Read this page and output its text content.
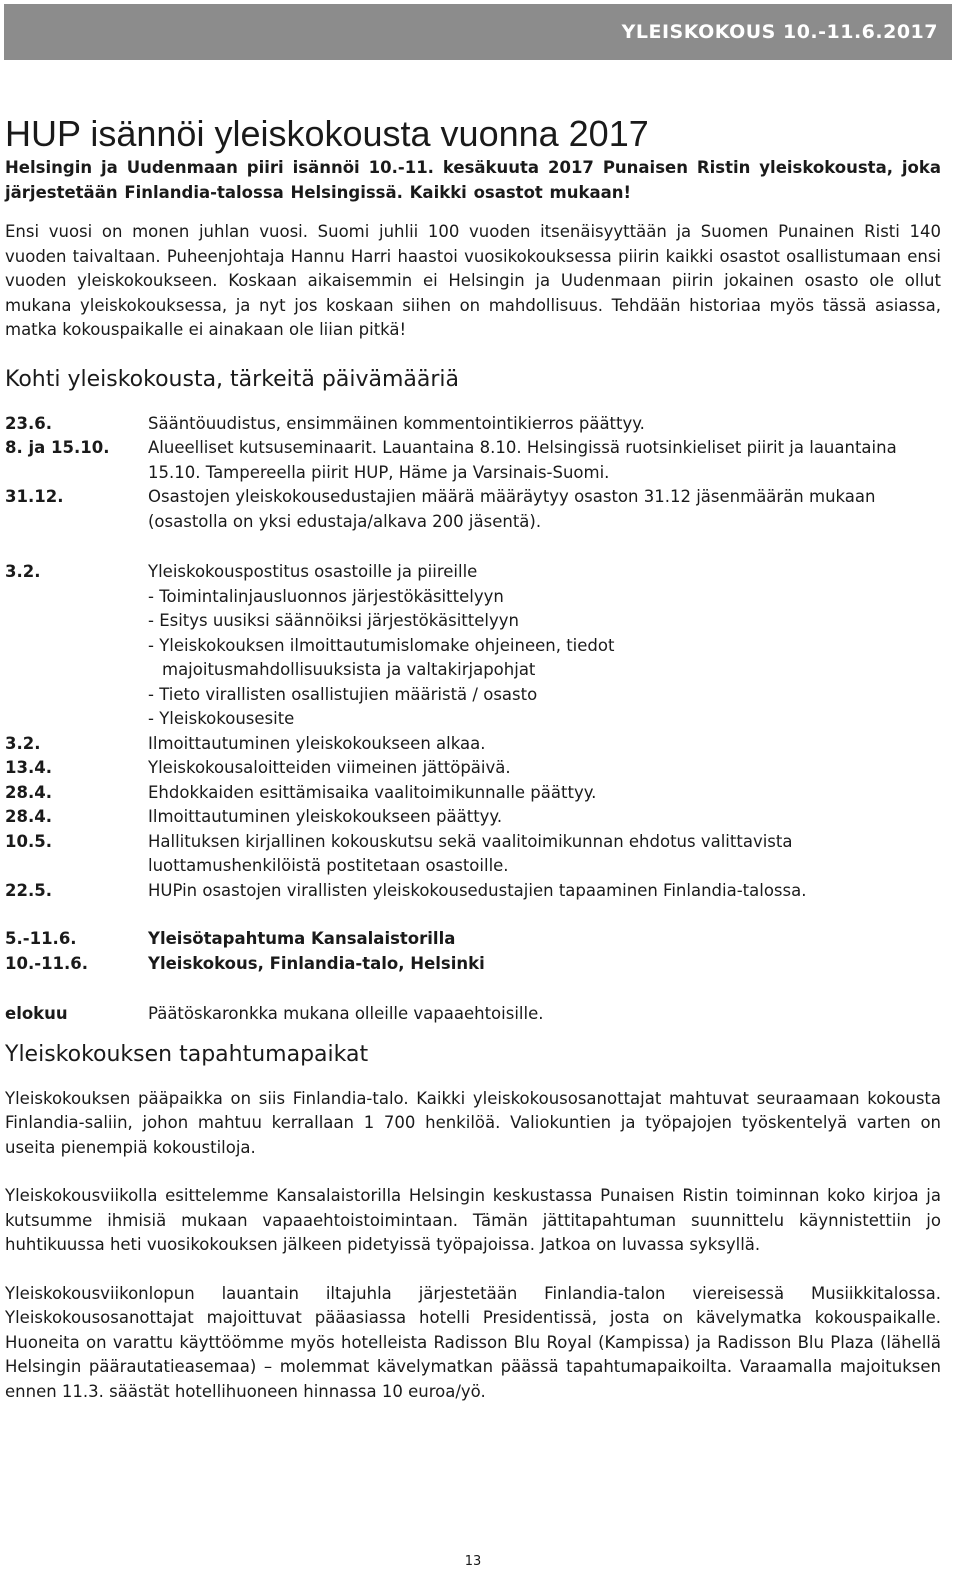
YLEISKOKOUS 10.-11.6.2017
HUP isännöi yleiskokousta vuonna 2017

Helsingin ja Uudenmaan piiri isännöi 10.-11. kesäkuuta 2017 Punaisen Ristin yleiskokousta, joka järjestetään Finlandia-talossa Helsingissä. Kaikki osastot mukaan!

Ensi vuosi on monen juhlan vuosi. Suomi juhlii 100 vuoden itsenäisyyttään ja Suomen Punainen Risti 140 vuoden taivaltaan. Puheenjohtaja Hannu Harri haastoi vuosikokouksessa piirin kaikki osastot osallistumaan ensi vuoden yleiskokoukseen. Koskaan aikaisemmin ei Helsingin ja Uudenmaan piirin jokainen osasto ole ollut mukana yleiskokouksessa, ja nyt jos koskaan siihen on mahdollisuus. Tehdään historiaa myös tässä asiassa, matka kokouspaikalle ei ainakaan ole liian pitkä!

Kohti yleiskokousta, tärkeitä päivämääriä
23.6.	Sääntöuudistus, ensimmäinen kommentointikierros päättyy.
8. ja 15.10.	Alueelliset kutsuseminaarit. Lauantaina 8.10. Helsingissä ruotsinkieliset piirit ja lauantaina 15.10. Tampereella piirit HUP, Häme ja Varsinais-Suomi.
31.12.	Osastojen yleiskokousedustajien määrä määräytyy osaston 31.12 jäsenmäärän mukaan (osastolla on yksi edustaja/alkava 200 jäsentä).
3.2.	Yleiskokouspostitus osastoille ja piireille
- Toimintalinjausluonnos järjestökäsittelyyn
- Esitys uusiksi säännöiksi järjestökäsittelyyn
- Yleiskokouksen ilmoittautumislomake ohjeineen, tiedot
majoitusmahdollisuuksista ja valtakirjapohjat
- Tieto virallisten osallistujien määristä / osasto
- Yleiskokousesite
3.2.	Ilmoittautuminen yleiskokoukseen alkaa.
13.4.	Yleiskokousaloitteiden viimeinen jättöpäivä.
28.4.	Ehdokkaiden esittämisaika vaalitoimikunnalle päättyy.
28.4.	Ilmoittautuminen yleiskokoukseen päättyy.
10.5.	Hallituksen kirjallinen kokouskutsu sekä vaalitoimikunnan ehdotus valittavista luottamushenkilöistä postitetaan osastoille.
22.5.	HUPin osastojen virallisten yleiskokousedustajien tapaaminen Finlandia-talossa.
5.-11.6.	Yleisötapahtuma Kansalaistorilla
10.-11.6.	Yleiskokous, Finlandia-talo, Helsinki
elokuu	Päätöskaronkka mukana olleille vapaaehtoisille.
Yleiskokouksen tapahtumapaikat

Yleiskokouksen pääpaikka on siis Finlandia-talo. Kaikki yleiskokousosanottajat mahtuvat seuraamaan kokousta Finlandia-saliin, johon mahtuu kerrallaan 1 700 henkilöä. Valiokuntien ja työpajojen työskentelyä varten on useita pienempiä kokoustiloja.

Yleiskokousviikolla esittelemme Kansalaistorilla Helsingin keskustassa Punaisen Ristin toiminnan koko kirjoa ja kutsumme ihmisiä mukaan vapaaehtoistoimintaan. Tämän jättitapahtuman suunnittelu käynnistettiin jo huhtikuussa heti vuosikokouksen jälkeen pidetyissä työpajoissa. Jatkoa on luvassa syksyllä.

Yleiskokousviikonlopun lauantain iltajuhla järjestetään Finlandia-talon viereisessä Musiikkitalossa. Yleiskokousosanottajat majoittuvat pääasiassa hotelli Presidentissä, josta on kävelymatka kokouspaikalle. Huoneita on varattu käyttöömme myös hotelleista Radisson Blu Royal (Kampissa) ja Radisson Blu Plaza (lähellä Helsingin päärautatieasemaa) – molemmat kävelymatkan päässä tapahtumapaikoilta. Varaamalla majoituksen ennen 11.3. säästät hotellihuoneen hinnassa 10 euroa/yö.

13
